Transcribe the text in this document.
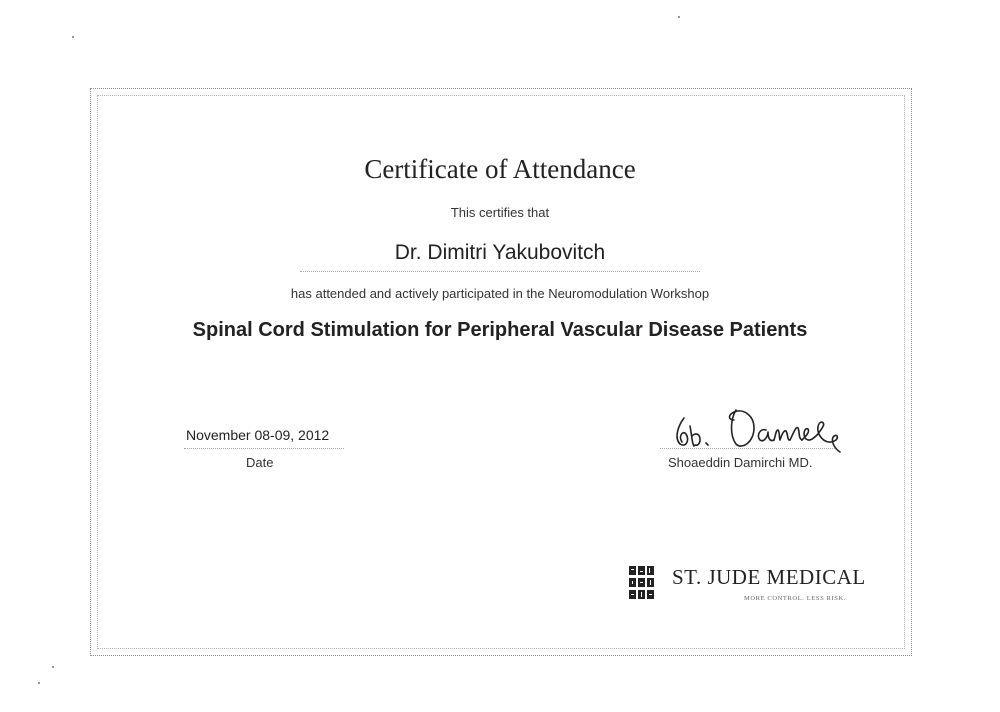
Certificate of Attendance
This certifies that
Dr. Dimitri Yakubovitch
has attended and actively participated in the Neuromodulation Workshop
Spinal Cord Stimulation for Peripheral Vascular Disease Patients
November 08-09, 2012
Date	Shoaeddin Damirchi MD.
ST. JUDE MEDICAL
MORE CONTROL. LESS RISK.
